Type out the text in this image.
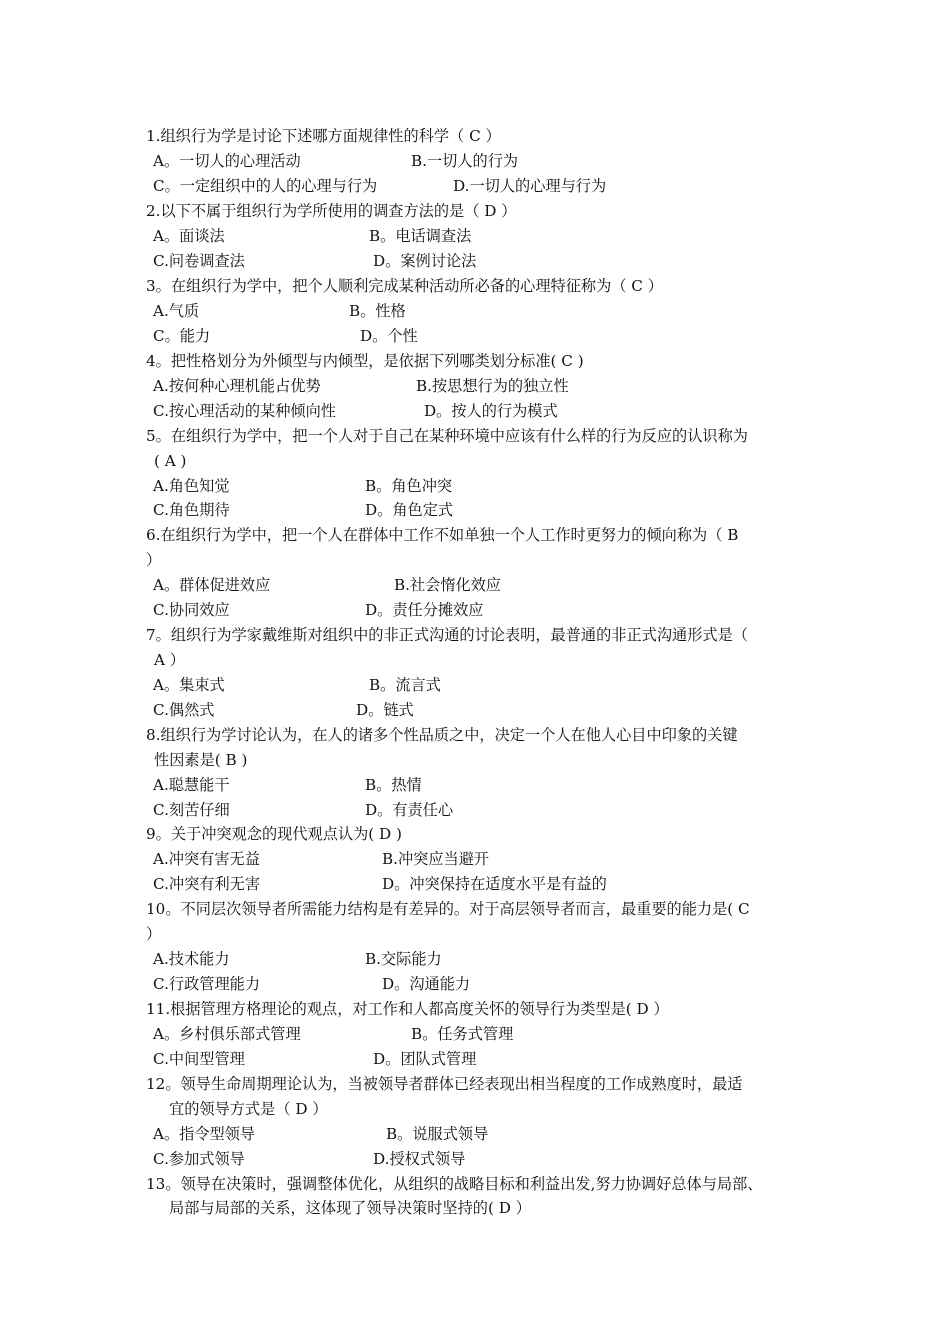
1.组织行为学是讨论下述哪方面规律性的科学（ C ）
A。一切人的心理活动	B.一切人的行为
C。一定组织中的人的心理与行为	D.一切人的心理与行为
2.以下不属于组织行为学所使用的调查方法的是（ D ）
A。面谈法	B。电话调查法
C.问卷调查法	D。案例讨论法
3。在组织行为学中，把个人顺利完成某种活动所必备的心理特征称为（ C ）
A.气质	B。性格
C。能力	D。个性
4。把性格划分为外倾型与内倾型，是依据下列哪类划分标准( C )
A.按何种心理机能占优势	B.按思想行为的独立性
C.按心理活动的某种倾向性	D。按人的行为模式
5。在组织行为学中，把一个人对于自己在某种环境中应该有什么样的行为反应的认识称为
( A )
A.角色知觉	B。角色冲突
C.角色期待	D。角色定式
6.在组织行为学中，把一个人在群体中工作不如单独一个人工作时更努力的倾向称为（ B
）
A。群体促进效应	B.社会惰化效应
C.协同效应	D。责任分摊效应
7。组织行为学家戴维斯对组织中的非正式沟通的讨论表明，最普通的非正式沟通形式是（
A ）
A。集束式	B。流言式
C.偶然式	D。链式
8.组织行为学讨论认为，在人的诸多个性品质之中，决定一个人在他人心目中印象的关键
性因素是( B )
A.聪慧能干	B。热情
C.刻苦仔细	D。有责任心
9。关于冲突观念的现代观点认为( D )
A.冲突有害无益	B.冲突应当避开
C.冲突有利无害	D。冲突保持在适度水平是有益的
10。不同层次领导者所需能力结构是有差异的。对于高层领导者而言，最重要的能力是( C
）
A.技术能力	B.交际能力
C.行政管理能力	D。沟通能力
11.根据管理方格理论的观点，对工作和人都高度关怀的领导行为类型是( D ）
A。乡村俱乐部式管理	B。任务式管理
C.中间型管理	D。团队式管理
12。领导生命周期理论认为，当被领导者群体已经表现出相当程度的工作成熟度时，最适
宜的领导方式是（ D ）
A。指令型领导	B。说服式领导
C.参加式领导	D.授权式领导
13。领导在决策时，强调整体优化，从组织的战略目标和利益出发,努力协调好总体与局部、
局部与局部的关系，这体现了领导决策时坚持的( D ）
